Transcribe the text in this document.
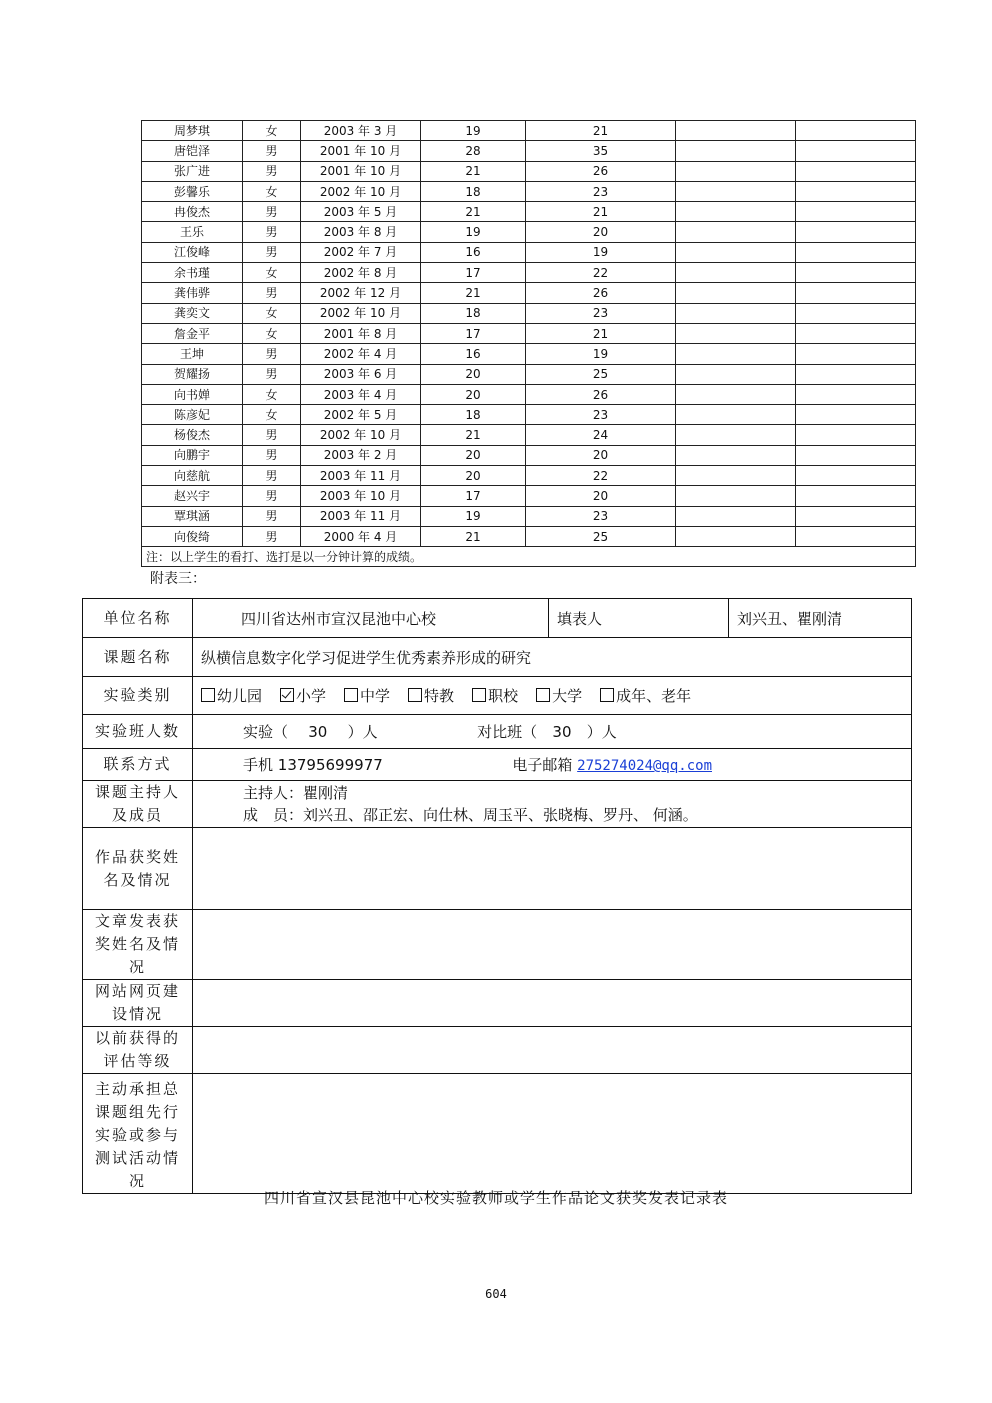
周梦琪	女	2003 年 3 月	19	21		
唐铠泽	男	2001 年 10 月	28	35		
张广进	男	2001 年 10 月	21	26		
彭馨乐	女	2002 年 10 月	18	23		
冉俊杰	男	2003 年 5 月	21	21		
王乐	男	2003 年 8 月	19	20		
江俊峰	男	2002 年 7 月	16	19		
余书瑾	女	2002 年 8 月	17	22		
龚伟骅	男	2002 年 12 月	21	26		
龚奕文	女	2002 年 10 月	18	23		
詹金平	女	2001 年 8 月	17	21		
王坤	男	2002 年 4 月	16	19		
贺耀扬	男	2003 年 6 月	20	25		
向书婵	女	2003 年 4 月	20	26		
陈彦妃	女	2002 年 5 月	18	23		
杨俊杰	男	2002 年 10 月	21	24		
向鹏宇	男	2003 年 2 月	20	20		
向慈航	男	2003 年 11 月	20	22		
赵兴宇	男	2003 年 10 月	17	20		
覃琪涵	男	2003 年 11 月	19	23		
向俊绮	男	2000 年 4 月	21	25		
注：以上学生的看打、选打是以一分钟计算的成绩。						

附表三：

单位名称	四川省达州市宣汉昆池中心校	填表人	刘兴丑、瞿刚清
课题名称	纵横信息数字化学习促进学生优秀素养形成的研究		
实验类别	幼儿园 小学 中学 特教 职校 大学 成年、老年		
实验班人数	实验（ 30 ）人 对比班（ 30 ）人		
联系方式	手机 13795699977 电子邮箱 275274024@qq.com		
课题主持人及成员	主持人：瞿刚清
成　员：刘兴丑、邵正宏、向仕林、周玉平、张晓梅、罗丹、 何涵。		

作品获奖姓名及情况			
文章发表获奖姓名及情况			
网站网页建设情况			
以前获得的评估等级			
主动承担总课题组先行实验或参与测试活动情况			

四川省宣汉县昆池中心校实验教师或学生作品论文获奖发表记录表

604
